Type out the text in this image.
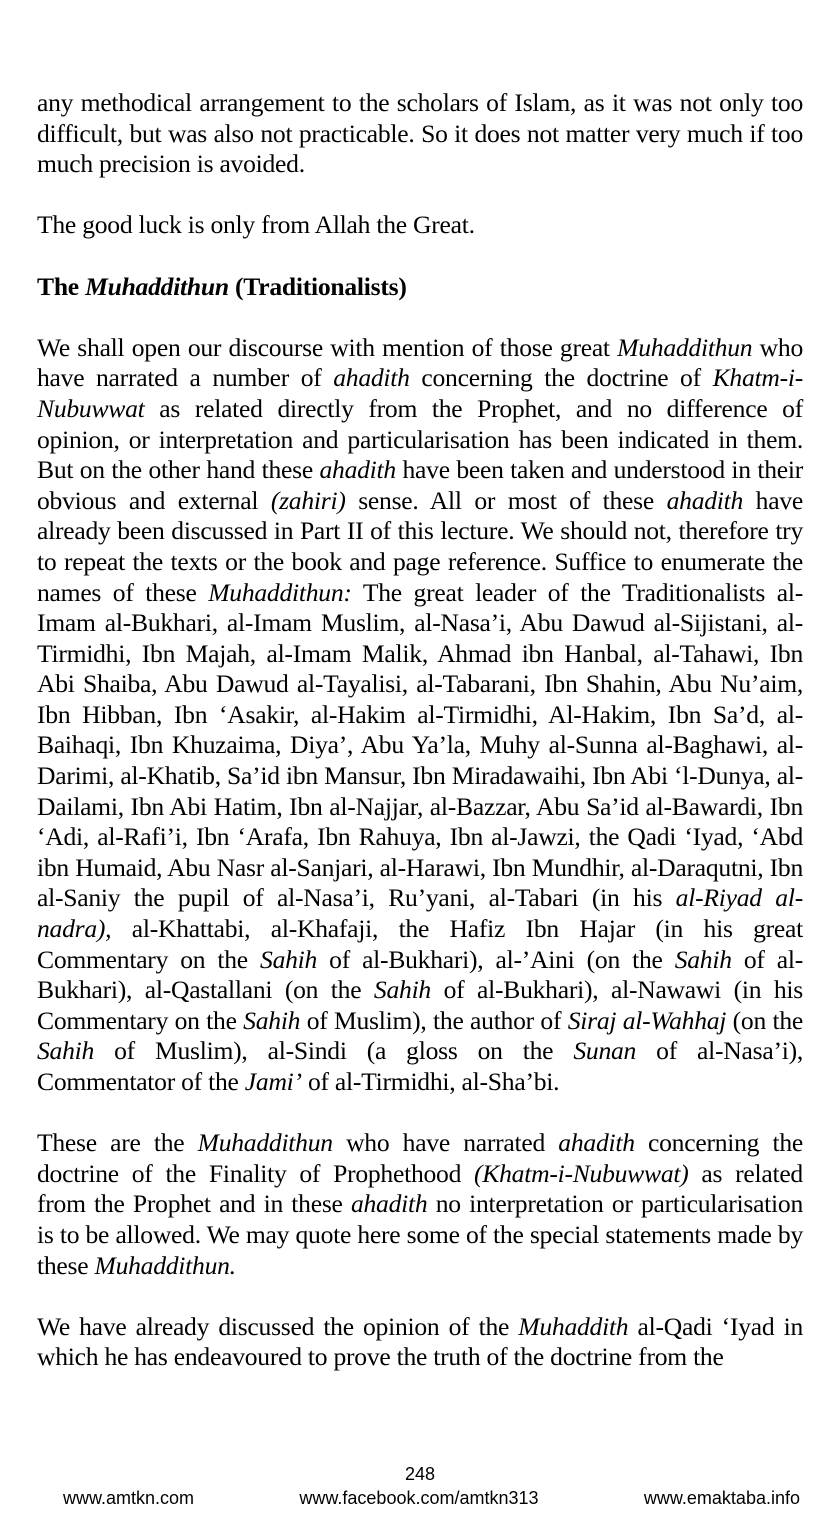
any methodical arrangement to the scholars of Islam, as it was not only too difficult, but was also not practicable. So it does not matter very much if too much precision is avoided.

The good luck is only from Allah the Great.

The Muhaddithun (Traditionalists)

We shall open our discourse with mention of those great Muhaddithun who have narrated a number of ahadith concerning the doctrine of Khatm-i-Nubuwwat as related directly from the Prophet, and no difference of opinion, or interpretation and particularisation has been indicated in them. But on the other hand these ahadith have been taken and understood in their obvious and external (zahiri) sense. All or most of these ahadith have already been discussed in Part II of this lecture. We should not, therefore try to repeat the texts or the book and page reference. Suffice to enumerate the names of these Muhaddithun: The great leader of the Traditionalists al-Imam al-Bukhari, al-Imam Muslim, al-Nasa’i, Abu Dawud al-Sijistani, al-Tirmidhi, Ibn Majah, al-Imam Malik, Ahmad ibn Hanbal, al-Tahawi, Ibn Abi Shaiba, Abu Dawud al-Tayalisi, al-Tabarani, Ibn Shahin, Abu Nu’aim, Ibn Hibban, Ibn ‘Asakir, al-Hakim al-Tirmidhi, Al-Hakim, Ibn Sa’d, al-Baihaqi, Ibn Khuzaima, Diya’, Abu Ya’la, Muhy al-Sunna al-Baghawi, al-Darimi, al-Khatib, Sa’id ibn Mansur, Ibn Miradawaihi, Ibn Abi ‘l-Dunya, al-Dailami, Ibn Abi Hatim, Ibn al-Najjar, al-Bazzar, Abu Sa’id al-Bawardi, Ibn ‘Adi, al-Rafi’i, Ibn ‘Arafa, Ibn Rahuya, Ibn al-Jawzi, the Qadi ‘Iyad, ‘Abd ibn Humaid, Abu Nasr al-Sanjari, al-Harawi, Ibn Mundhir, al-Daraqutni, Ibn al-Saniy the pupil of al-Nasa’i, Ru’yani, al-Tabari (in his al-Riyad al-nadra), al-Khattabi, al-Khafaji, the Hafiz Ibn Hajar (in his great Commentary on the Sahih of al-Bukhari), al-’Aini (on the Sahih of al-Bukhari), al-Qastallani (on the Sahih of al-Bukhari), al-Nawawi (in his Commentary on the Sahih of Muslim), the author of Siraj al-Wahhaj (on the Sahih of Muslim), al-Sindi (a gloss on the Sunan of al-Nasa’i), Commentator of the Jami’ of al-Tirmidhi, al-Sha’bi.

These are the Muhaddithun who have narrated ahadith concerning the doctrine of the Finality of Prophethood (Khatm-i-Nubuwwat) as related from the Prophet and in these ahadith no interpretation or particularisation is to be allowed. We may quote here some of the special statements made by these Muhaddithun.

We have already discussed the opinion of the Muhaddith al-Qadi ‘Iyad in which he has endeavoured to prove the truth of the doctrine from the

248
www.amtkn.com	www.facebook.com/amtkn313	www.emaktaba.info
